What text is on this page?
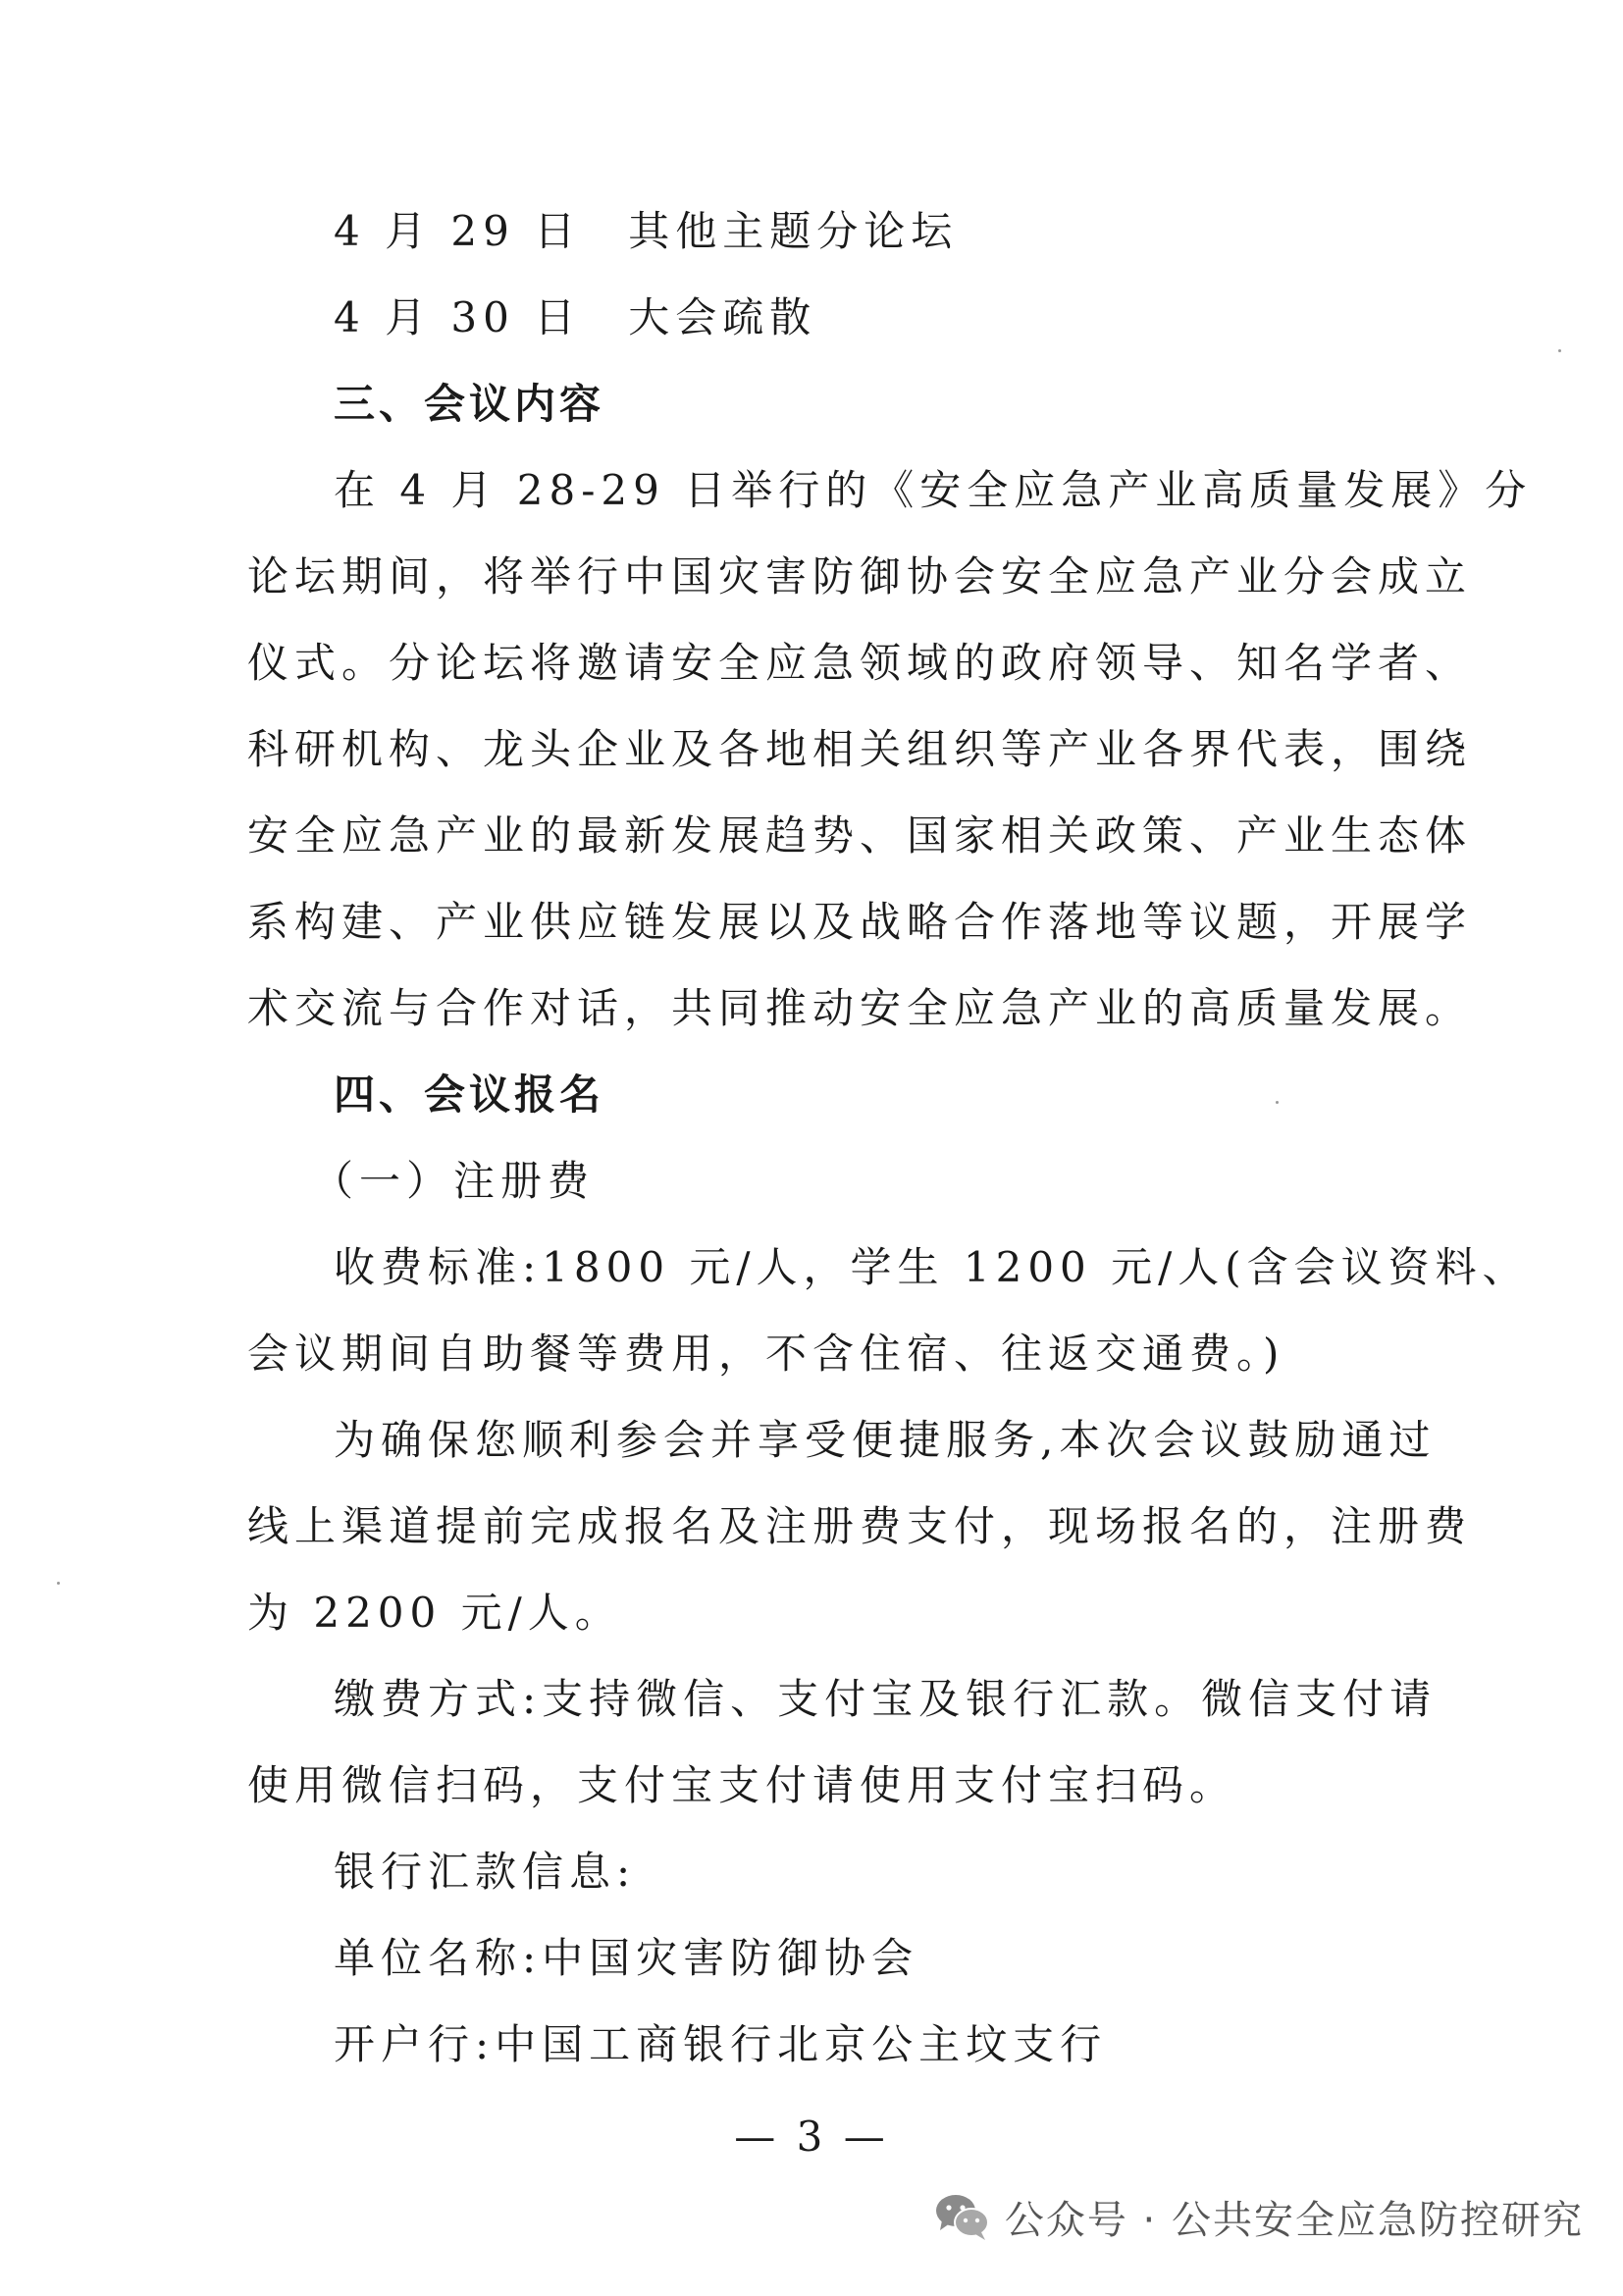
4 月 29 日　其他主题分论坛
4 月 30 日　大会疏散
三、会议内容
在 4 月 28-29 日举行的《安全应急产业高质量发展》分
论坛期间，将举行中国灾害防御协会安全应急产业分会成立
仪式。分论坛将邀请安全应急领域的政府领导、知名学者、
科研机构、龙头企业及各地相关组织等产业各界代表，围绕
安全应急产业的最新发展趋势、国家相关政策、产业生态体
系构建、产业供应链发展以及战略合作落地等议题，开展学
术交流与合作对话，共同推动安全应急产业的高质量发展。
四、会议报名
（一）注册费
收费标准:1800 元/人，学生 1200 元/人(含会议资料、
会议期间自助餐等费用，不含住宿、往返交通费。)
为确保您顺利参会并享受便捷服务,本次会议鼓励通过
线上渠道提前完成报名及注册费支付，现场报名的，注册费
为 2200 元/人。
缴费方式:支持微信、支付宝及银行汇款。微信支付请
使用微信扫码，支付宝支付请使用支付宝扫码。
银行汇款信息:
单位名称:中国灾害防御协会
开户行:中国工商银行北京公主坟支行
— 3 —
公众号 · 公共安全应急防控研究
